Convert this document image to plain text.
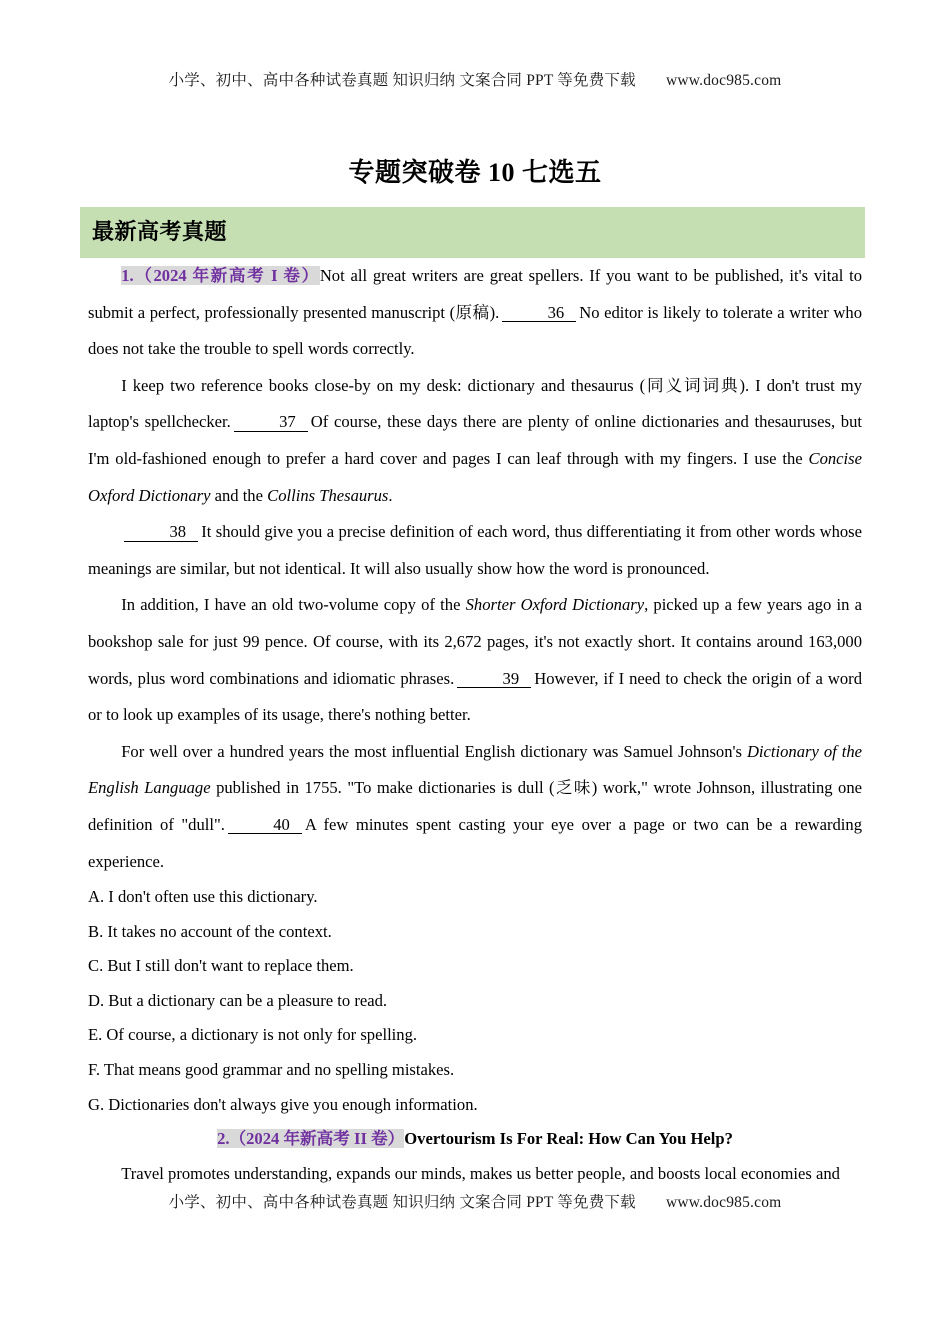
小学、初中、高中各种试卷真题 知识归纳 文案合同 PPT 等免费下载 www.doc985.com
专题突破卷 10 七选五
最新高考真题

1.（2024 年新高考 I 卷）Not all great writers are great spellers. If you want to be published, it's vital to submit a perfect, professionally presented manuscript (原稿).	36 No editor is likely to tolerate a writer who does not take the trouble to spell words correctly.

I keep two reference books close-by on my desk: dictionary and thesaurus (同义词词典). I don't trust my laptop's spellchecker.	37 Of course, these days there are plenty of online dictionaries and thesauruses, but I'm old-fashioned enough to prefer a hard cover and pages I can leaf through with my fingers. I use the Concise Oxford Dictionary and the Collins Thesaurus.

38 It should give you a precise definition of each word, thus differentiating it from other words whose meanings are similar, but not identical. It will also usually show how the word is pronounced.

In addition, I have an old two-volume copy of the Shorter Oxford Dictionary, picked up a few years ago in a bookshop sale for just 99 pence. Of course, with its 2,672 pages, it's not exactly short. It contains around 163,000 words, plus word combinations and idiomatic phrases.	39 However, if I need to check the origin of a word or to look up examples of its usage, there's nothing better.

For well over a hundred years the most influential English dictionary was Samuel Johnson's Dictionary of the English Language published in 1755. "To make dictionaries is dull (乏味) work," wrote Johnson, illustrating one definition of "dull".	40 A few minutes spent casting your eye over a page or two can be a rewarding experience.

A. I don't often use this dictionary.

B. It takes no account of the context.

C. But I still don't want to replace them.

D. But a dictionary can be a pleasure to read.

E. Of course, a dictionary is not only for spelling.

F. That means good grammar and no spelling mistakes.

G. Dictionaries don't always give you enough information.

2.（2024 年新高考 II 卷）Overtourism Is For Real: How Can You Help?

Travel promotes understanding, expands our minds, makes us better people, and boosts local economies and

小学、初中、高中各种试卷真题 知识归纳 文案合同 PPT 等免费下载 www.doc985.com
